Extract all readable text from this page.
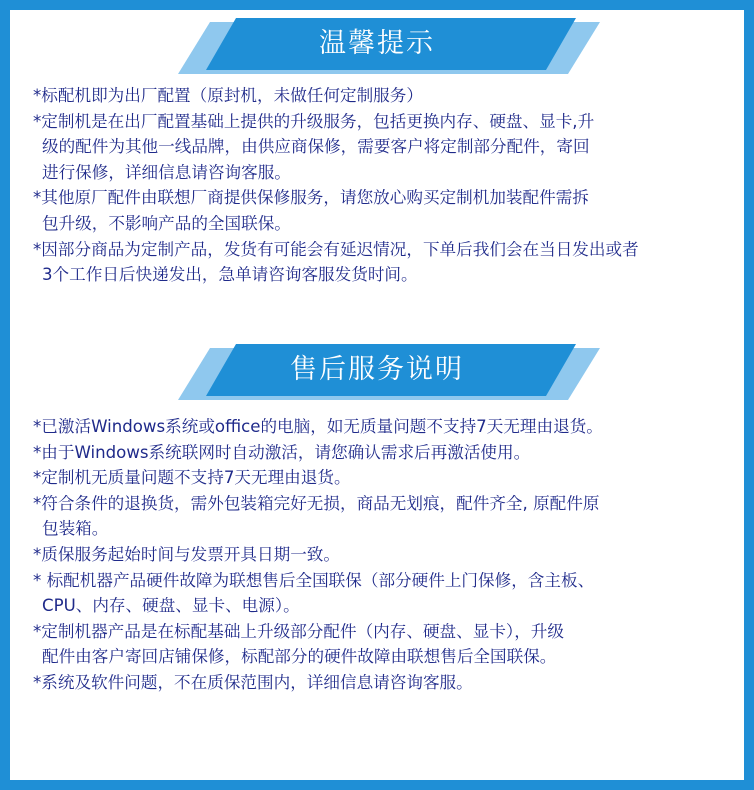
温馨提示
*标配机即为出厂配置（原封机，未做任何定制服务）
*定制机是在出厂配置基础上提供的升级服务，包括更换内存、硬盘、显卡,升
级的配件为其他一线品牌，由供应商保修，需要客户将定制部分配件，寄回
进行保修，详细信息请咨询客服。
*其他原厂配件由联想厂商提供保修服务，请您放心购买定制机加装配件需拆
包升级，不影响产品的全国联保。
*因部分商品为定制产品，发货有可能会有延迟情况，下单后我们会在当日发出或者
3个工作日后快递发出，急单请咨询客服发货时间。
售后服务说明
*已激活Windows系统或office的电脑，如无质量问题不支持7天无理由退货。
*由于Windows系统联网时自动激活，请您确认需求后再激活使用。
*定制机无质量问题不支持7天无理由退货。
*符合条件的退换货，需外包装箱完好无损，商品无划痕，配件齐全, 原配件原
包装箱。
*质保服务起始时间与发票开具日期一致。
* 标配机器产品硬件故障为联想售后全国联保（部分硬件上门保修，含主板、
CPU、内存、硬盘、显卡、电源）。
*定制机器产品是在标配基础上升级部分配件（内存、硬盘、显卡），升级
配件由客户寄回店铺保修，标配部分的硬件故障由联想售后全国联保。
*系统及软件问题，不在质保范围内，详细信息请咨询客服。
